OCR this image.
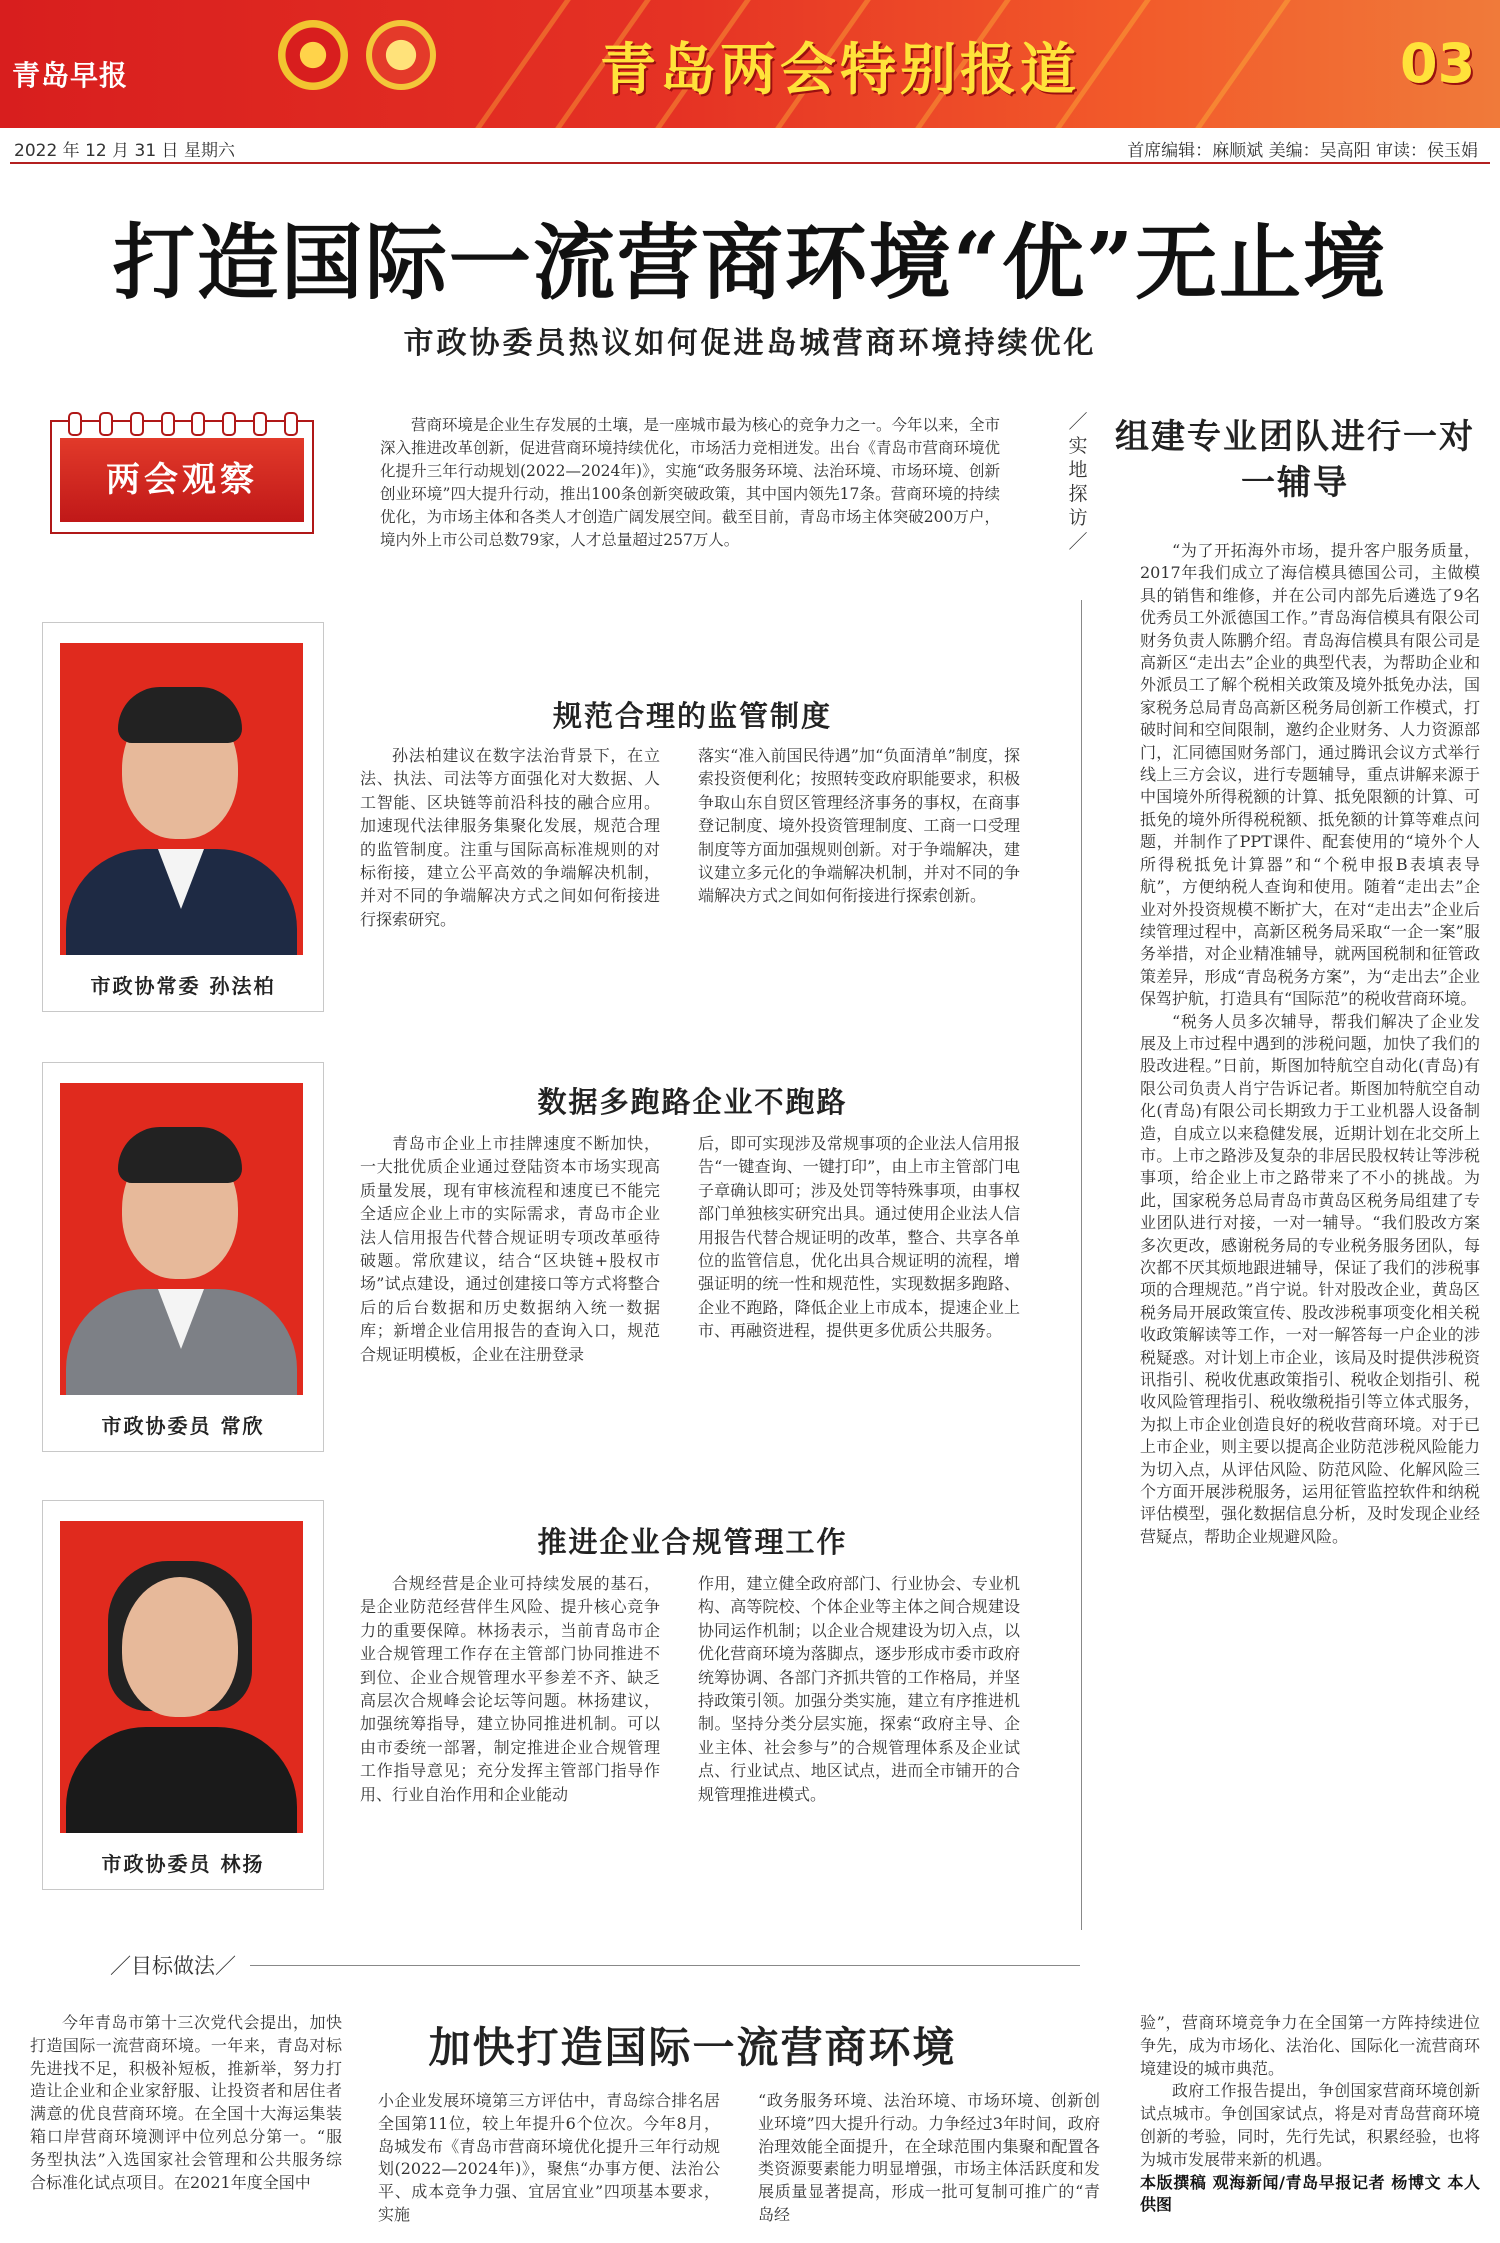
青岛早报	青岛两会特别报道	03
2022 年 12 月 31 日 星期六	首席编辑：麻顺斌 美编：吴高阳 审读：侯玉娟
打造国际一流营商环境“优”无止境
市政协委员热议如何促进岛城营商环境持续优化
两会观察
营商环境是企业生存发展的土壤，是一座城市最为核心的竞争力之一。今年以来，全市深入推进改革创新，促进营商环境持续优化，市场活力竞相迸发。出台《青岛市营商环境优化提升三年行动规划(2022—2024年)》，实施“政务服务环境、法治环境、市场环境、创新创业环境”四大提升行动，推出100条创新突破政策，其中国内领先17条。营商环境的持续优化，为市场主体和各类人才创造广阔发展空间。截至目前，青岛市场主体突破200万户，境内外上市公司总数79家，人才总量超过257万人。
市政协常委 孙法柏
规范合理的监管制度
孙法柏建议在数字法治背景下，在立法、执法、司法等方面强化对大数据、人工智能、区块链等前沿科技的融合应用。加速现代法律服务集聚化发展，规范合理的监管制度。注重与国际高标准规则的对标衔接，建立公平高效的争端解决机制，并对不同的争端解决方式之间如何衔接进行探索研究。
落实“准入前国民待遇”加“负面清单”制度，探索投资便利化；按照转变政府职能要求，积极争取山东自贸区管理经济事务的事权，在商事登记制度、境外投资管理制度、工商一口受理制度等方面加强规则创新。对于争端解决，建议建立多元化的争端解决机制，并对不同的争端解决方式之间如何衔接进行探索创新。
市政协委员 常欣
数据多跑路企业不跑路
青岛市企业上市挂牌速度不断加快，一大批优质企业通过登陆资本市场实现高质量发展，现有审核流程和速度已不能完全适应企业上市的实际需求，青岛市企业法人信用报告代替合规证明专项改革亟待破题。常欣建议，结合“区块链+股权市场”试点建设，通过创建接口等方式将整合后的后台数据和历史数据纳入统一数据库；新增企业信用报告的查询入口，规范合规证明模板，企业在注册登录
后，即可实现涉及常规事项的企业法人信用报告“一键查询、一键打印”，由上市主管部门电子章确认即可；涉及处罚等特殊事项，由事权部门单独核实研究出具。通过使用企业法人信用报告代替合规证明的改革，整合、共享各单位的监管信息，优化出具合规证明的流程，增强证明的统一性和规范性，实现数据多跑路、企业不跑路，降低企业上市成本，提速企业上市、再融资进程，提供更多优质公共服务。
市政协委员 林扬
推进企业合规管理工作
合规经营是企业可持续发展的基石，是企业防范经营伴生风险、提升核心竞争力的重要保障。林扬表示，当前青岛市企业合规管理工作存在主管部门协同推进不到位、企业合规管理水平参差不齐、缺乏高层次合规峰会论坛等问题。林扬建议，加强统筹指导，建立协同推进机制。可以由市委统一部署，制定推进企业合规管理工作指导意见；充分发挥主管部门指导作用、行业自治作用和企业能动
作用，建立健全政府部门、行业协会、专业机构、高等院校、个体企业等主体之间合规建设协同运作机制；以企业合规建设为切入点，以优化营商环境为落脚点，逐步形成市委市政府统筹协调、各部门齐抓共管的工作格局，并坚持政策引领。加强分类实施，建立有序推进机制。坚持分类分层实施，探索“政府主导、企业主体、社会参与”的合规管理体系及企业试点、行业试点、地区试点，进而全市铺开的合规管理推进模式。
／实地探访／
组建专业团队进行一对一辅导

“为了开拓海外市场，提升客户服务质量，2017年我们成立了海信模具德国公司，主做模具的销售和维修，并在公司内部先后遴选了9名优秀员工外派德国工作。”青岛海信模具有限公司财务负责人陈鹏介绍。青岛海信模具有限公司是高新区“走出去”企业的典型代表，为帮助企业和外派员工了解个税相关政策及境外抵免办法，国家税务总局青岛高新区税务局创新工作模式，打破时间和空间限制，邀约企业财务、人力资源部门，汇同德国财务部门，通过腾讯会议方式举行线上三方会议，进行专题辅导，重点讲解来源于中国境外所得税额的计算、抵免限额的计算、可抵免的境外所得税税额、抵免额的计算等难点问题，并制作了PPT课件、配套使用的“境外个人所得税抵免计算器”和“个税申报B表填表导航”，方便纳税人查询和使用。随着“走出去”企业对外投资规模不断扩大，在对“走出去”企业后续管理过程中，高新区税务局采取“一企一案”服务举措，对企业精准辅导，就两国税制和征管政策差异，形成“青岛税务方案”，为“走出去”企业保驾护航，打造具有“国际范”的税收营商环境。

“税务人员多次辅导，帮我们解决了企业发展及上市过程中遇到的涉税问题，加快了我们的股改进程。”日前，斯图加特航空自动化(青岛)有限公司负责人肖宁告诉记者。斯图加特航空自动化(青岛)有限公司长期致力于工业机器人设备制造，自成立以来稳健发展，近期计划在北交所上市。上市之路涉及复杂的非居民股权转让等涉税事项，给企业上市之路带来了不小的挑战。为此，国家税务总局青岛市黄岛区税务局组建了专业团队进行对接，一对一辅导。“我们股改方案多次更改，感谢税务局的专业税务服务团队，每次都不厌其烦地跟进辅导，保证了我们的涉税事项的合理规范。”肖宁说。针对股改企业，黄岛区税务局开展政策宣传、股改涉税事项变化相关税收政策解读等工作，一对一解答每一户企业的涉税疑惑。对计划上市企业，该局及时提供涉税资讯指引、税收优惠政策指引、税收企划指引、税收风险管理指引、税收缴税指引等立体式服务，为拟上市企业创造良好的税收营商环境。对于已上市企业，则主要以提高企业防范涉税风险能力为切入点，从评估风险、防范风险、化解风险三个方面开展涉税服务，运用征管监控软件和纳税评估模型，强化数据信息分析，及时发现企业经营疑点，帮助企业规避风险。

／目标做法／
加快打造国际一流营商环境
今年青岛市第十三次党代会提出，加快打造国际一流营商环境。一年来，青岛对标先进找不足，积极补短板，推新举，努力打造让企业和企业家舒服、让投资者和居住者满意的优良营商环境。在全国十大海运集装箱口岸营商环境测评中位列总分第一。“服务型执法”入选国家社会管理和公共服务综合标准化试点项目。在2021年度全国中
小企业发展环境第三方评估中，青岛综合排名居全国第11位，较上年提升6个位次。今年8月，岛城发布《青岛市营商环境优化提升三年行动规划(2022—2024年)》，聚焦“办事方便、法治公平、成本竞争力强、宜居宜业”四项基本要求，实施
“政务服务环境、法治环境、市场环境、创新创业环境”四大提升行动。力争经过3年时间，政府治理效能全面提升，在全球范围内集聚和配置各类资源要素能力明显增强，市场主体活跃度和发展质量显著提高，形成一批可复制可推广的“青岛经
验”，营商环境竞争力在全国第一方阵持续进位争先，成为市场化、法治化、国际化一流营商环境建设的城市典范。
政府工作报告提出，争创国家营商环境创新试点城市。争创国家试点，将是对青岛营商环境创新的考验，同时，先行先试，积累经验，也将为城市发展带来新的机遇。
本版撰稿 观海新闻/青岛早报记者 杨博文 本人供图
